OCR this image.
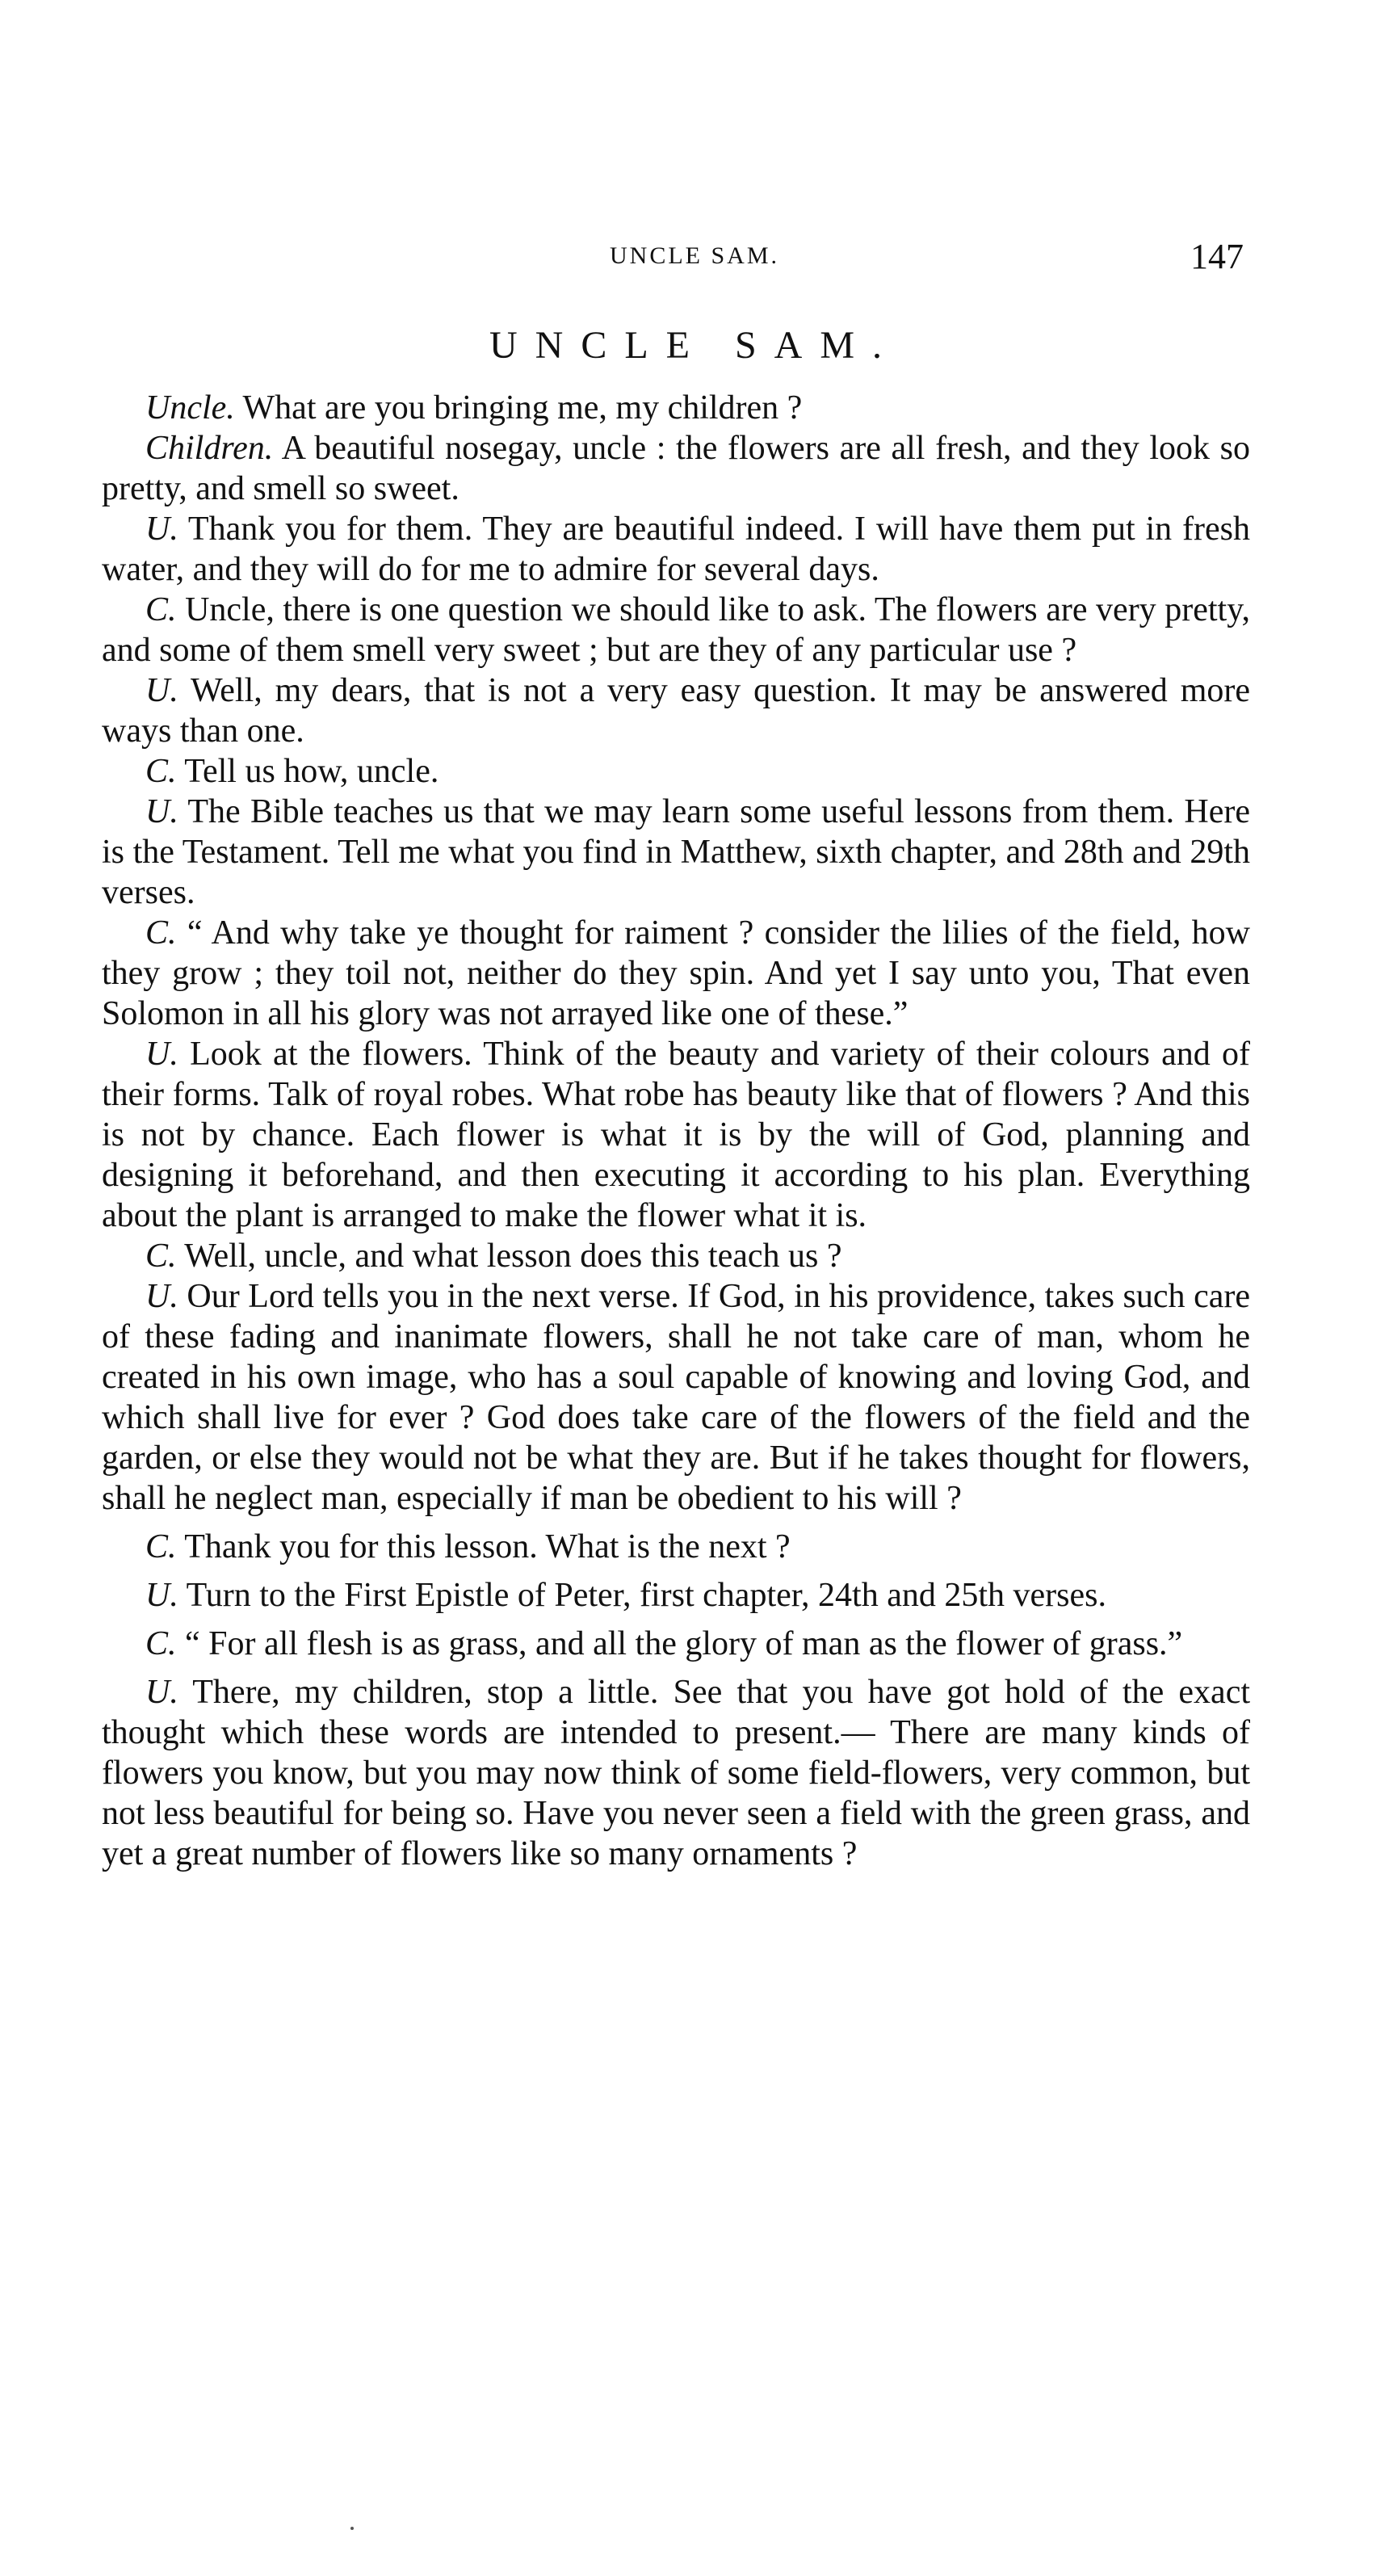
UNCLE SAM.	147
UNCLE SAM.

Uncle. What are you bringing me, my children ?

Children. A beautiful nosegay, uncle : the flowers are all fresh, and they look so pretty, and smell so sweet.

U. Thank you for them. They are beautiful indeed. I will have them put in fresh water, and they will do for me to admire for several days.

C. Uncle, there is one question we should like to ask. The flowers are very pretty, and some of them smell very sweet ; but are they of any particular use ?

U. Well, my dears, that is not a very easy question. It may be answered more ways than one.

C. Tell us how, uncle.

U. The Bible teaches us that we may learn some useful lessons from them. Here is the Testament. Tell me what you find in Matthew, sixth chapter, and 28th and 29th verses.

C. “ And why take ye thought for raiment ? consider the lilies of the field, how they grow ; they toil not, neither do they spin. And yet I say unto you, That even Solomon in all his glory was not arrayed like one of these.”

U. Look at the flowers. Think of the beauty and variety of their colours and of their forms. Talk of royal robes. What robe has beauty like that of flowers ? And this is not by chance. Each flower is what it is by the will of God, planning and designing it beforehand, and then executing it according to his plan. Everything about the plant is arranged to make the flower what it is.

C. Well, uncle, and what lesson does this teach us ?

U. Our Lord tells you in the next verse. If God, in his providence, takes such care of these fading and inanimate flowers, shall he not take care of man, whom he created in his own image, who has a soul capable of knowing and loving God, and which shall live for ever ? God does take care of the flowers of the field and the garden, or else they would not be what they are. But if he takes thought for flowers, shall he neglect man, especially if man be obedient to his will ?

C. Thank you for this lesson. What is the next ?

U. Turn to the First Epistle of Peter, first chapter, 24th and 25th verses.

C. “ For all flesh is as grass, and all the glory of man as the flower of grass.”

U. There, my children, stop a little. See that you have got hold of the exact thought which these words are intended to present.— There are many kinds of flowers you know, but you may now think of some field-flowers, very common, but not less beautiful for being so. Have you never seen a field with the green grass, and yet a great number of flowers like so many ornaments ?
